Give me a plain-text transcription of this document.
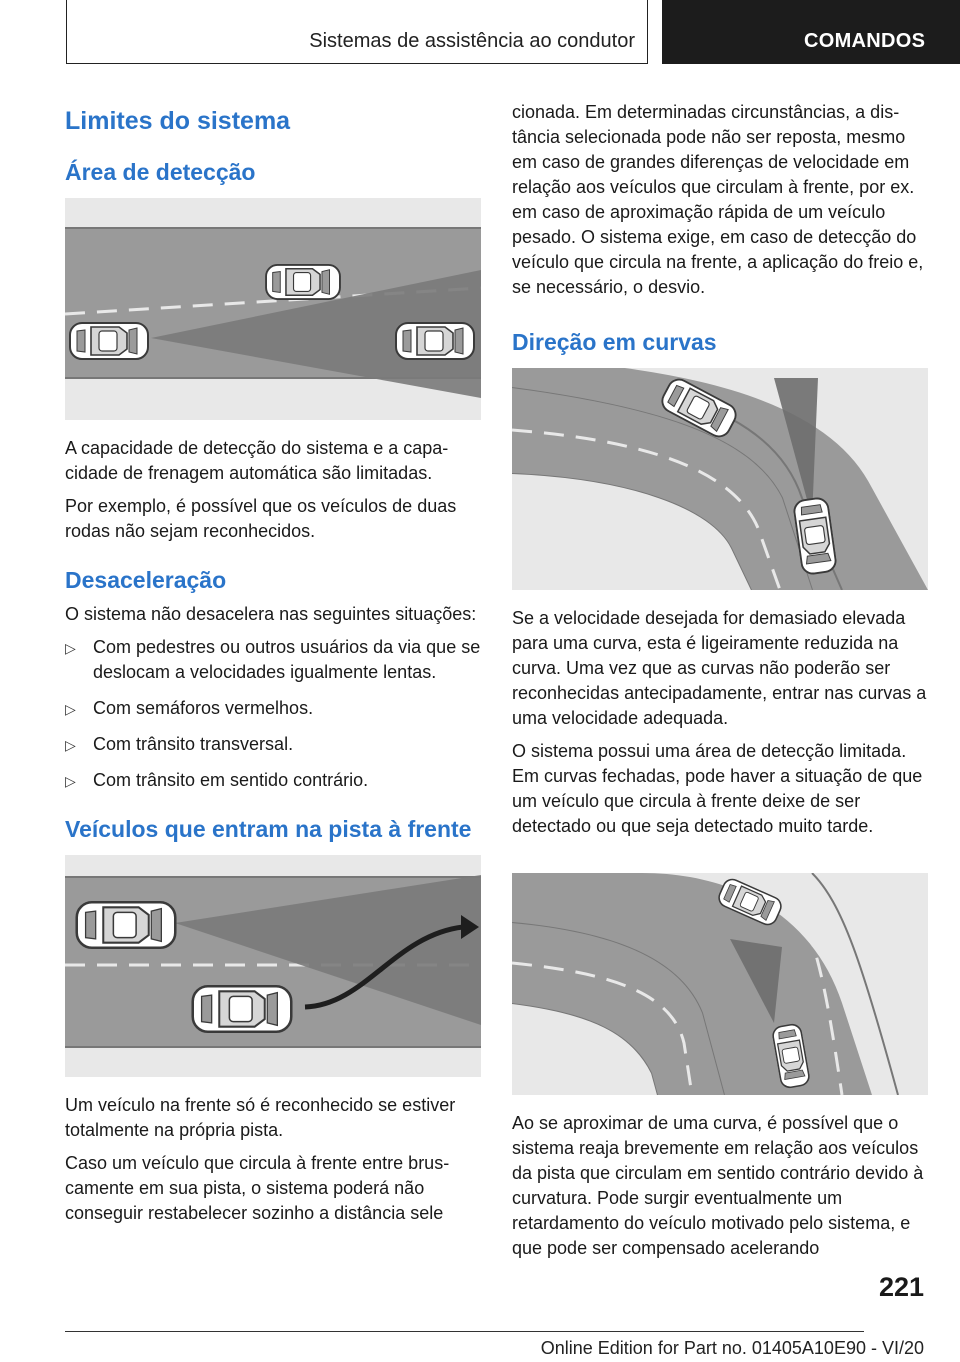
Sistemas de assistência ao condutor	COMANDOS
Limites do sistema
Área de detecção

A capacidade de detecção do sistema e a capacidade de frenagem automática são limitadas.

Por exemplo, é possível que os veículos de duas rodas não sejam reconhecidos.

Desaceleração

O sistema não desacelera nas seguintes situações:

▷ Com pedestres ou outros usuários da via que se deslocam a velocidades igualmente lentas.
▷ Com semáforos vermelhos.
▷ Com trânsito transversal.
▷ Com trânsito em sentido contrário.
Veículos que entram na pista à frente

Um veículo na frente só é reconhecido se estiver totalmente na própria pista.

Caso um veículo que circula à frente entre bruscamente em sua pista, o sistema poderá não conseguir restabelecer sozinho a distância sele

cionada. Em determinadas circunstâncias, a distância selecionada pode não ser reposta, mesmo em caso de grandes diferenças de velocidade em relação aos veículos que circulam à frente, por ex. em caso de aproximação rápida de um veículo pesado. O sistema exige, em caso de detecção do veículo que circula na frente, a aplicação do freio e, se necessário, o desvio.

Direção em curvas

Se a velocidade desejada for demasiado elevada para uma curva, esta é ligeiramente reduzida na curva. Uma vez que as curvas não poderão ser reconhecidas antecipadamente, entrar nas curvas a uma velocidade adequada.

O sistema possui uma área de detecção limitada. Em curvas fechadas, pode haver a situação de que um veículo que circula à frente deixe de ser detectado ou que seja detectado muito tarde.

Ao se aproximar de uma curva, é possível que o sistema reaja brevemente em relação aos veículos da pista que circulam em sentido contrário devido à curvatura. Pode surgir eventualmente um retardamento do veículo motivado pelo sistema, e que pode ser compensado acelerando

221
Online Edition for Part no. 01405A10E90 - VI/20
